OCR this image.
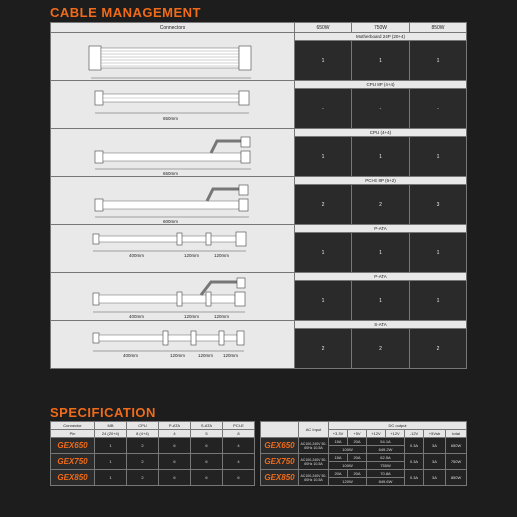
CABLE MANAGEMENT
Connectors	650W	750W	850W

	Motherboard 24P (20+4)		
	1	1	1

650mm	CPU 8P (4+4)		
	-	-	-

650mm	CPU (4+4)		
	1	1	1

600mm	PCI-E 8P (6+2)		
	2	2	3

400mm 120mm 120mm	P-ATA		
	1	1	1

400mm 120mm 120mm	P-ATA		
	1	1	1

400mm 120mm 120mm 120mm	S-ATA		
	2	2	2
SPECIFICATION
Connector	MB	CPU	P-ATA	S-ATA	PCI-E
Pin	24 (20+4)	8 (4+4)	4	5	8
GEX650	1	2	6	6	4
GEX750	1	2	6	6	4
GEX850	1	2	6	6	6
	AC Input	DC output						
		+3.3V	+5V	+12V	+12V	-12V	+5Vsb	total
GEX650	AC100-240V 50-60Hz 10-5A	15A	20A	54.1A		0.3A	3A	650W
		100W		649.2W				
GEX750	AC100-240V 50-60Hz 10-5A	15A	20A	62.5A		0.3A	3A	750W
		100W		750W				
GEX850	AC100-240V 50-60Hz 10-5A	20A	20A	70.8A		0.3A	3A	850W
		120W		849.6W				
